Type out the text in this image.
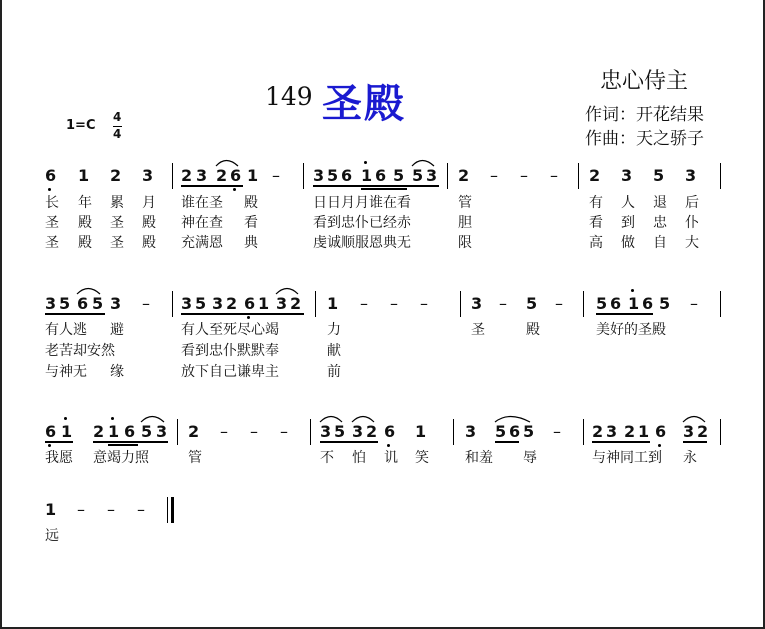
149 圣殿	忠心侍主
作词：开花结果
作曲：天之骄子
1=C
4
4
6 1 2 3 2 3 2 6 1 – 3 5 6 1 6 5 5 3 2 – – – 2 3 5 3
长 年 累 月 谁在圣 殿	日日月月谁在看	管	有 人 退 后
圣 殿 圣 殿 神在查 看	看到忠仆已经赤	胆	看 到 忠 仆
圣 殿 圣 殿 充满恩 典	虔诚顺服恩典无	限	高 做 自 大
3 5 6 5 3 – 3 5 3 2 6 1 3 2 1 – – –	3 – 5 – 5 6 1 6 5 –
有人逃 避	有人至死尽心竭	力	圣	殿	美好的圣殿
老苦却安然	看到忠仆默默奉	献
与神无 缘	放下自己谦卑主	前
6 1 2 1 6 5 3 2 – – – 3 5 3 2 6 1 3 5 6 5 – 2 3 2 1 6 3 2
我愿 意竭力照	管	不 怕 讥 笑	和羞 辱	与神同工到 永
1 – – –
远
